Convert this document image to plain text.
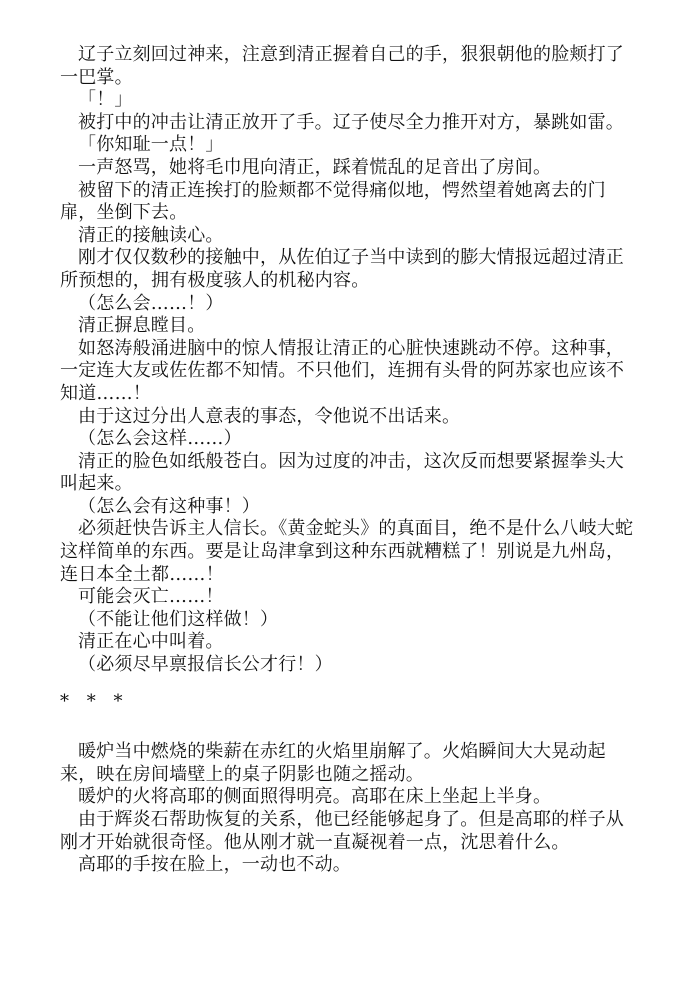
辽子立刻回过神来，注意到清正握着自己的手，狠狠朝他的脸颊打了一巴掌。

「！」

被打中的冲击让清正放开了手。辽子使尽全力推开对方，暴跳如雷。

「你知耻一点！」

一声怒骂，她将毛巾甩向清正，踩着慌乱的足音出了房间。

被留下的清正连挨打的脸颊都不觉得痛似地，愕然望着她离去的门扉，坐倒下去。

清正的接触读心。

刚才仅仅数秒的接触中，从佐伯辽子当中读到的膨大情报远超过清正所预想的，拥有极度骇人的机秘内容。

（怎么会……！）

清正摒息瞠目。

如怒涛般涌进脑中的惊人情报让清正的心脏快速跳动不停。这种事，一定连大友或佐佐都不知情。不只他们，连拥有头骨的阿苏家也应该不知道……！

由于这过分出人意表的事态，令他说不出话来。

（怎么会这样……）

清正的脸色如纸般苍白。因为过度的冲击，这次反而想要紧握拳头大叫起来。

（怎么会有这种事！）

必须赶快告诉主人信长。《黄金蛇头》的真面目，绝不是什么八岐大蛇这样简单的东西。要是让岛津拿到这种东西就糟糕了！别说是九州岛，连日本全土都……！

可能会灭亡……！

（不能让他们这样做！）

清正在心中叫着。

（必须尽早禀报信长公才行！）

* * *

暖炉当中燃烧的柴薪在赤红的火焰里崩解了。火焰瞬间大大晃动起来，映在房间墙壁上的桌子阴影也随之摇动。

暖炉的火将高耶的侧面照得明亮。高耶在床上坐起上半身。

由于辉炎石帮助恢复的关系，他已经能够起身了。但是高耶的样子从刚才开始就很奇怪。他从刚才就一直凝视着一点，沈思着什么。

高耶的手按在脸上，一动也不动。
